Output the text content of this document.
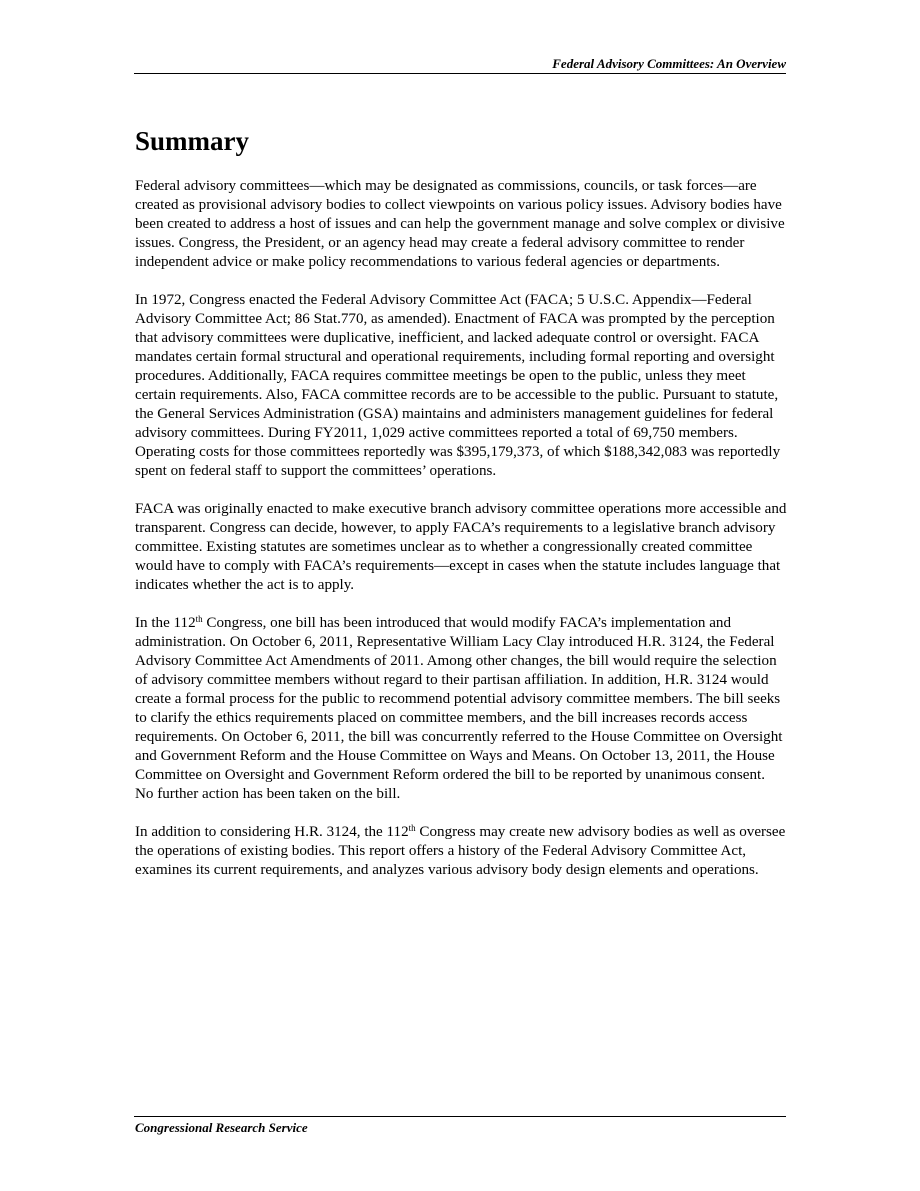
Federal Advisory Committees: An Overview
Summary

Federal advisory committees—which may be designated as commissions, councils, or task forces—are created as provisional advisory bodies to collect viewpoints on various policy issues. Advisory bodies have been created to address a host of issues and can help the government manage and solve complex or divisive issues. Congress, the President, or an agency head may create a federal advisory committee to render independent advice or make policy recommendations to various federal agencies or departments.

In 1972, Congress enacted the Federal Advisory Committee Act (FACA; 5 U.S.C. Appendix—Federal Advisory Committee Act; 86 Stat.770, as amended). Enactment of FACA was prompted by the perception that advisory committees were duplicative, inefficient, and lacked adequate control or oversight. FACA mandates certain formal structural and operational requirements, including formal reporting and oversight procedures. Additionally, FACA requires committee meetings be open to the public, unless they meet certain requirements. Also, FACA committee records are to be accessible to the public. Pursuant to statute, the General Services Administration (GSA) maintains and administers management guidelines for federal advisory committees. During FY2011, 1,029 active committees reported a total of 69,750 members. Operating costs for those committees reportedly was $395,179,373, of which $188,342,083 was reportedly spent on federal staff to support the committees’ operations.

FACA was originally enacted to make executive branch advisory committee operations more accessible and transparent. Congress can decide, however, to apply FACA’s requirements to a legislative branch advisory committee. Existing statutes are sometimes unclear as to whether a congressionally created committee would have to comply with FACA’s requirements—except in cases when the statute includes language that indicates whether the act is to apply.

In the 112th Congress, one bill has been introduced that would modify FACA’s implementation and administration. On October 6, 2011, Representative William Lacy Clay introduced H.R. 3124, the Federal Advisory Committee Act Amendments of 2011. Among other changes, the bill would require the selection of advisory committee members without regard to their partisan affiliation. In addition, H.R. 3124 would create a formal process for the public to recommend potential advisory committee members. The bill seeks to clarify the ethics requirements placed on committee members, and the bill increases records access requirements. On October 6, 2011, the bill was concurrently referred to the House Committee on Oversight and Government Reform and the House Committee on Ways and Means. On October 13, 2011, the House Committee on Oversight and Government Reform ordered the bill to be reported by unanimous consent. No further action has been taken on the bill.

In addition to considering H.R. 3124, the 112th Congress may create new advisory bodies as well as oversee the operations of existing bodies. This report offers a history of the Federal Advisory Committee Act, examines its current requirements, and analyzes various advisory body design elements and operations.

Congressional Research Service
